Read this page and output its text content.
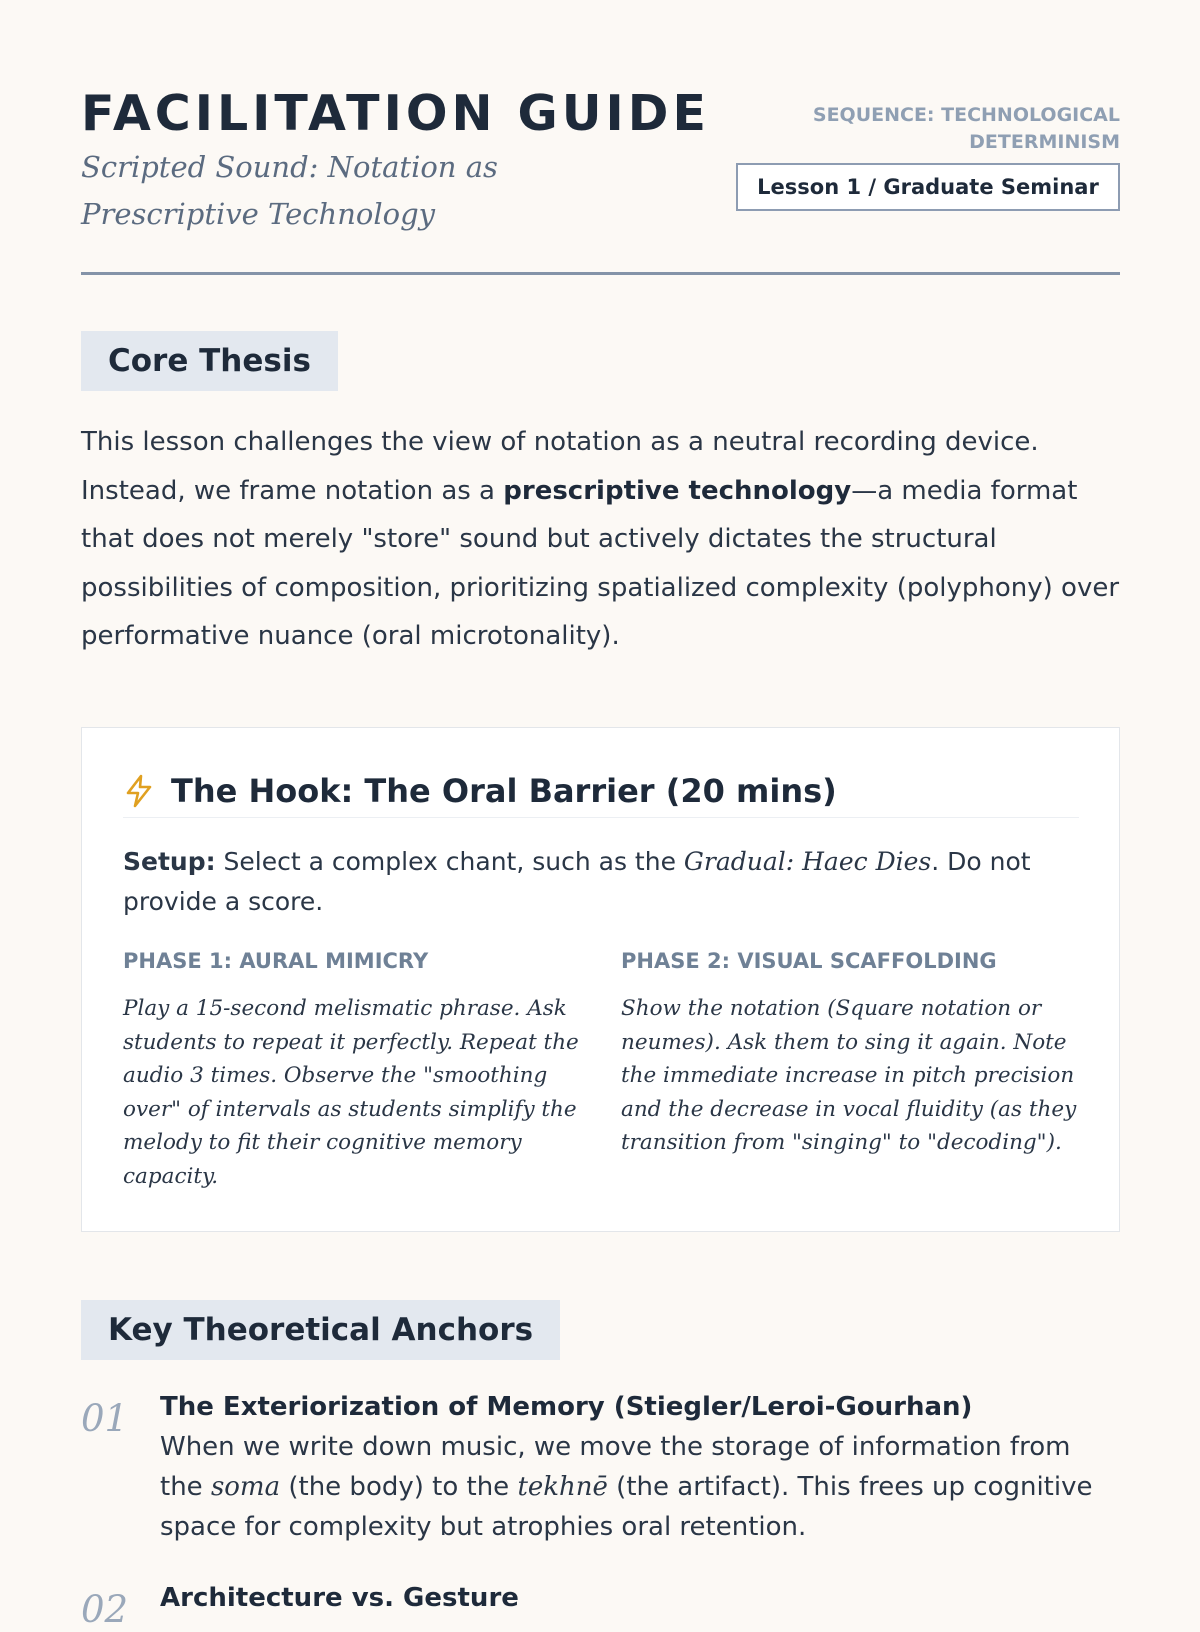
FACILITATION GUIDE

Scripted Sound: Notation as Prescriptive Technology

SEQUENCE: TECHNOLOGICAL DETERMINISM
Lesson 1 / Graduate Seminar
Core Thesis

This lesson challenges the view of notation as a neutral recording device. Instead, we frame notation as a prescriptive technology—a media format that does not merely "store" sound but actively dictates the structural possibilities of composition, prioritizing spatialized complexity (polyphony) over performative nuance (oral microtonality).

The Hook: The Oral Barrier (20 mins)

Setup: Select a complex chant, such as the Gradual: Haec Dies. Do not provide a score.

PHASE 1: AURAL MIMICRY

Play a 15-second melismatic phrase. Ask students to repeat it perfectly. Repeat the audio 3 times. Observe the "smoothing over" of intervals as students simplify the melody to fit their cognitive memory capacity.

PHASE 2: VISUAL SCAFFOLDING

Show the notation (Square notation or neumes). Ask them to sing it again. Note the immediate increase in pitch precision and the decrease in vocal fluidity (as they transition from "singing" to "decoding").

Key Theoretical Anchors
01 The Exteriorization of Memory (Stiegler/Leroi-Gourhan)

When we write down music, we move the storage of information from the soma (the body) to the tekhnē (the artifact). This frees up cognitive space for complexity but atrophies oral retention.

02 Architecture vs. Gesture
